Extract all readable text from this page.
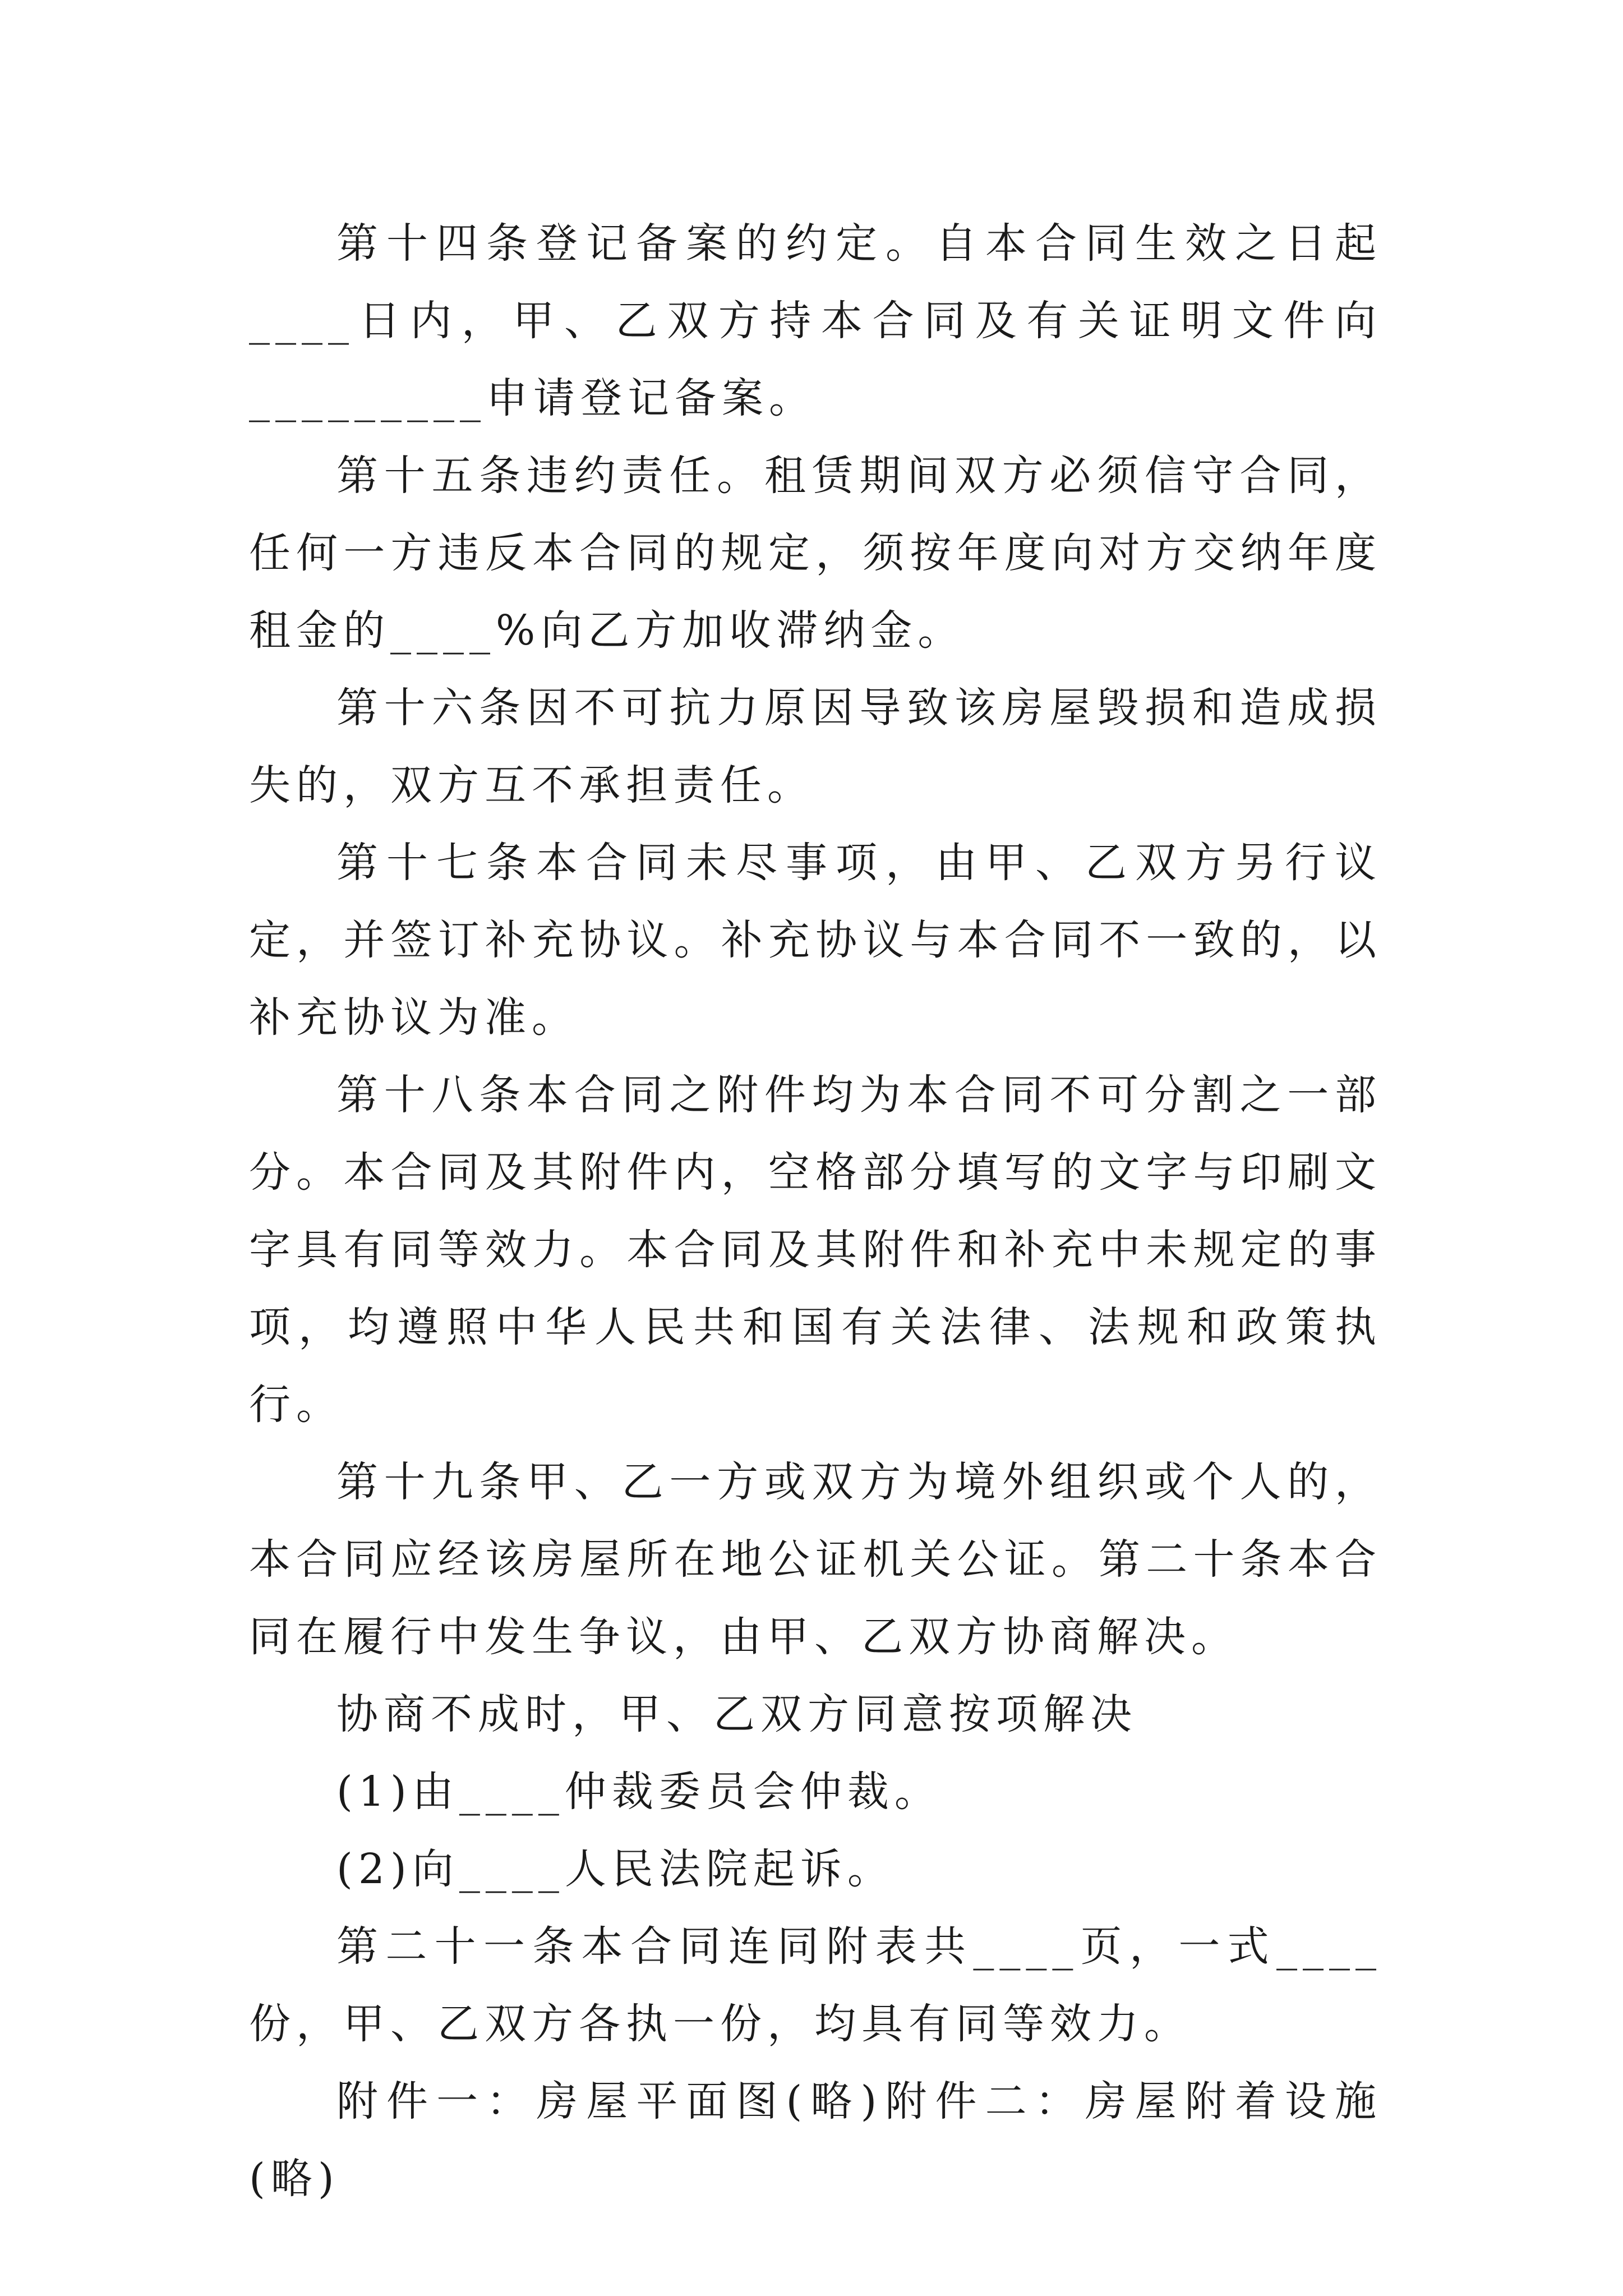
第十四条登记备案的约定。自本合同生效之日起____日内，甲、乙双方持本合同及有关证明文件向_________申请登记备案。

第十五条违约责任。租赁期间双方必须信守合同，任何一方违反本合同的规定，须按年度向对方交纳年度租金的____%向乙方加收滞纳金。

第十六条因不可抗力原因导致该房屋毁损和造成损失的，双方互不承担责任。

第十七条本合同未尽事项，由甲、乙双方另行议定，并签订补充协议。补充协议与本合同不一致的，以补充协议为准。

第十八条本合同之附件均为本合同不可分割之一部分。本合同及其附件内，空格部分填写的文字与印刷文字具有同等效力。本合同及其附件和补充中未规定的事项，均遵照中华人民共和国有关法律、法规和政策执行。

第十九条甲、乙一方或双方为境外组织或个人的，本合同应经该房屋所在地公证机关公证。第二十条本合同在履行中发生争议，由甲、乙双方协商解决。

协商不成时，甲、乙双方同意按项解决

(1)由____仲裁委员会仲裁。

(2)向____人民法院起诉。

第二十一条本合同连同附表共____页，一式____份，甲、乙双方各执一份，均具有同等效力。

附件一：房屋平面图(略)附件二：房屋附着设施(略)
